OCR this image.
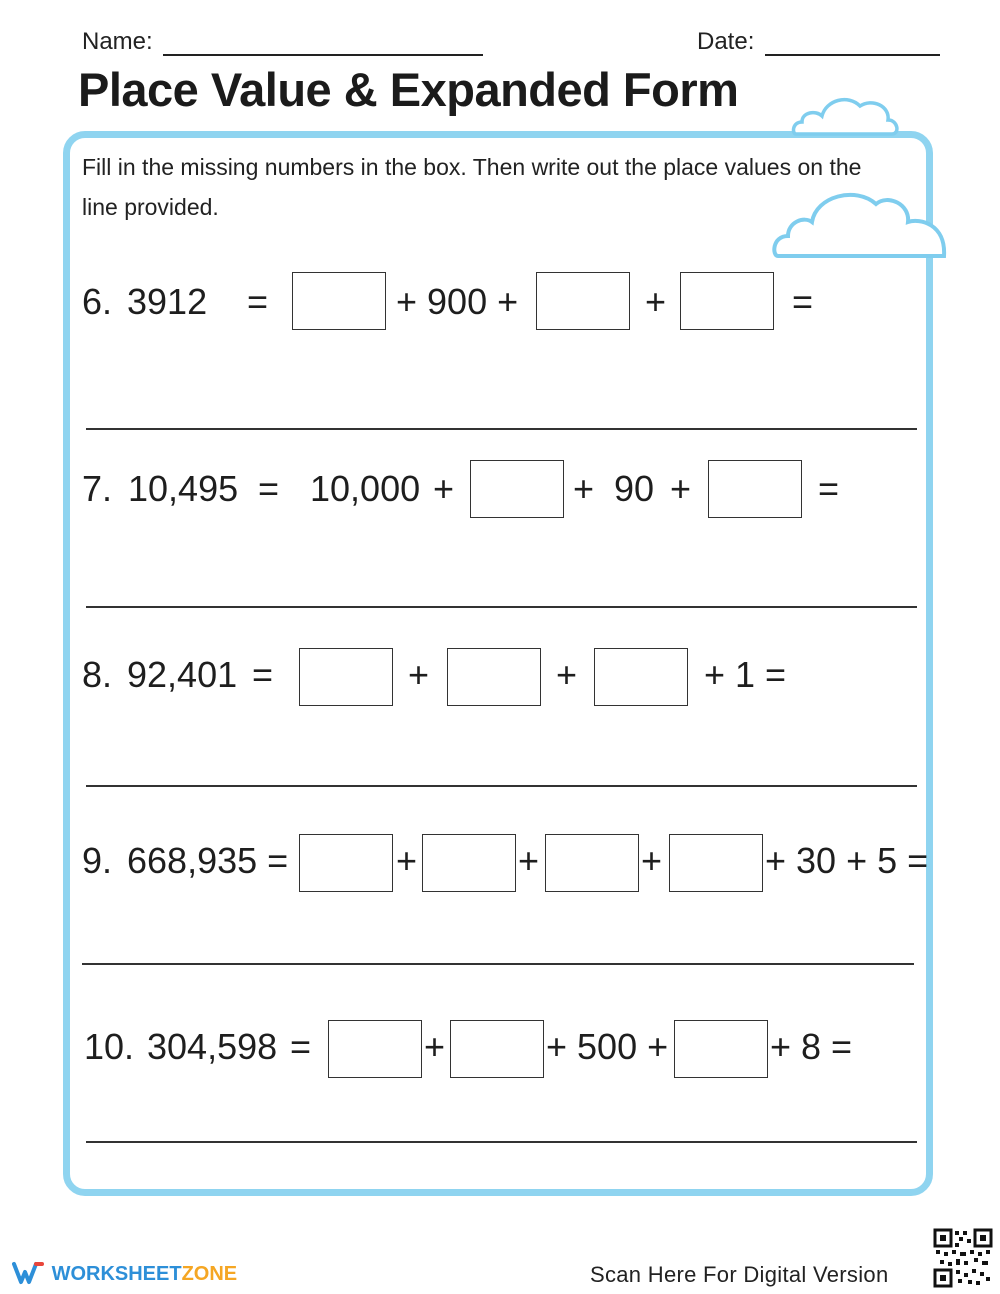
Name:	Date:
Place Value & Expanded Form
Fill in the missing numbers in the box. Then write out the place values on the line provided.
6. 3912 =	+ 900 +	+	=
7. 10,495 = 10,000 +	+ 90 +	=
8. 92,401 =	+	+	+ 1 =
9. 668,935 =	+	+	+	+ 30 + 5 =
10. 304,598 =	+	+ 500 +	+ 8 =
WORKSHEETZONE	Scan Here For Digital Version
